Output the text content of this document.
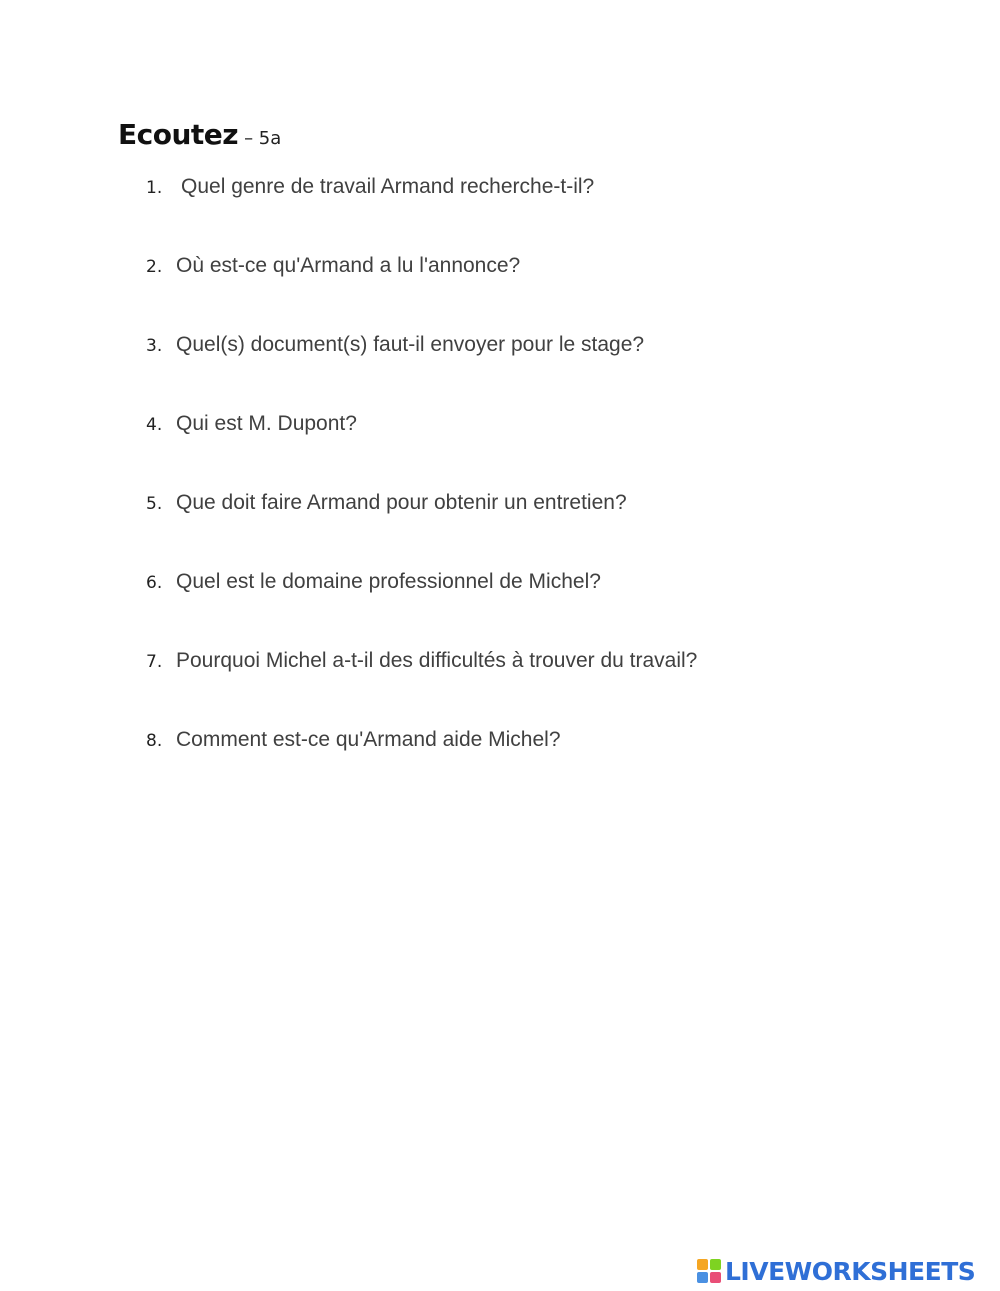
Ecoutez – 5a
1. Quel genre de travail Armand recherche-t-il?
2. Où est-ce qu'Armand a lu l'annonce?
3. Quel(s) document(s) faut-il envoyer pour le stage?
4. Qui est M. Dupont?
5. Que doit faire Armand pour obtenir un entretien?
6. Quel est le domaine professionnel de Michel?
7. Pourquoi Michel a-t-il des difficultés à trouver du travail?
8. Comment est-ce qu'Armand aide Michel?
LIVEWORKSHEETS
